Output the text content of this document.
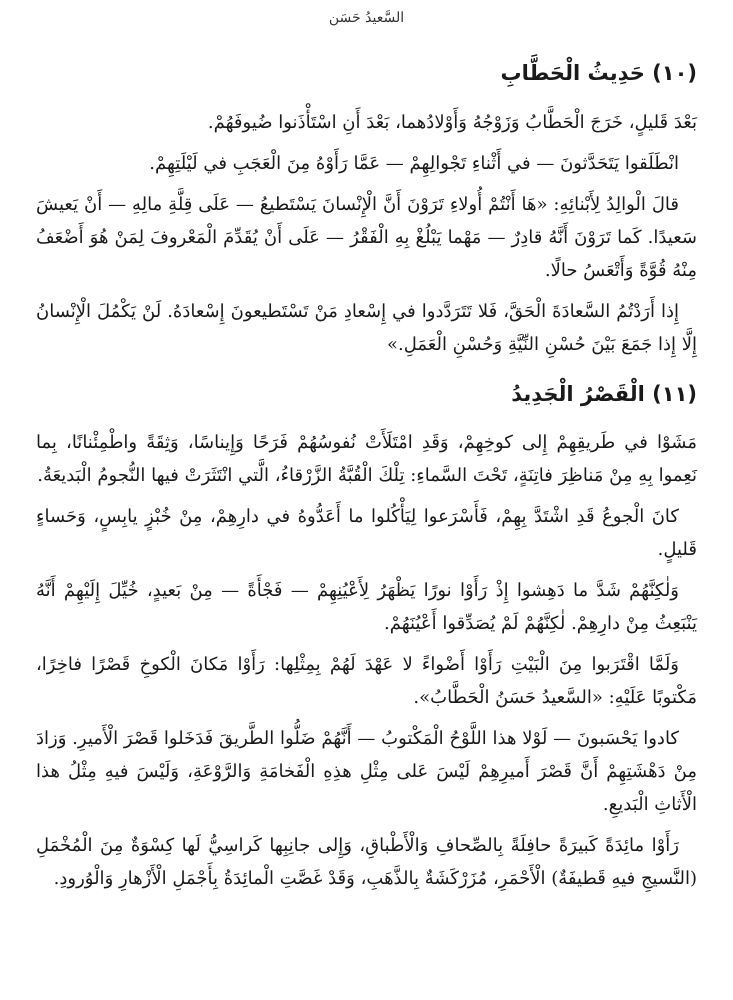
السَّعيدُ حَسَن
(١٠) حَدِيثُ الْحَطَّابِ

بَعْدَ قَليلٍ، خَرَجَ الْحَطَّابُ وَزَوْجُهُ وَأَوْلادُهما، بَعْدَ أَنِ اسْتَأْذَنوا ضُيوفَهُمْ.

انْطَلَقوا يَتَحَدَّثونَ — في أَثْناءِ تَجْوالِهِمْ — عَمَّا رَأَوْهُ مِنَ الْعَجَبِ في لَيْلَتِهِمْ.

قالَ الْوالِدُ لِأَبْنائِهِ: «هَا أَنْتُمْ أُولاءِ تَرَوْنَ أَنَّ الْإِنْسانَ يَسْتَطيعُ — عَلَى قِلَّةِ مالِهِ — أَنْ يَعيشَ سَعيدًا. كَما تَرَوْنَ أَنَّهُ قادِرٌ — مَهْما يَبْلُغْ بِهِ الْفَقْرُ — عَلَى أَنْ يُقَدِّمَ الْمَعْروفَ لِمَنْ هُوَ أَضْعَفُ مِنْهُ قُوَّةً وَأَتْعَسُ حالًا.

إِذا أَرَدْتُمُ السَّعادَةَ الْحَقَّ، فَلا تَتَرَدَّدوا في إِسْعادِ مَنْ تَسْتَطيعونَ إِسْعادَهُ. لَنْ يَكْمُلَ الْإِنْسانُ إِلَّا إِذا جَمَعَ بَيْنَ حُسْنِ النِّيَّةِ وَحُسْنِ الْعَمَلِ.»

(١١) الْقَصْرُ الْجَدِيدُ

مَشَوْا في طَريقِهِمْ إِلى كوخِهِمْ، وَقَدِ امْتَلَأَتْ نُفوسُهُمْ فَرَحًا وَإِيناسًا، وَثِقَةً واطْمِئْنانًا، بِما نَعِموا بِهِ مِنْ مَناظِرَ فاتِنَةٍ، تَحْتَ السَّماءِ: تِلْكَ الْقُبَّةُ الزَّرْقاءُ، الَّتي انْتَثَرَتْ فيها النُّجومُ الْبَديعَةُ.

كانَ الْجوعُ قَدِ اشْتَدَّ بِهِمْ، فَأَسْرَعوا لِيَأْكُلوا ما أَعَدُّوهُ في دارِهِمْ، مِنْ خُبْزٍ يابِسٍ، وَحَساءٍ قَليلٍ.

وَلٰكِنَّهُمْ شَدَّ ما دَهِشوا إِذْ رَأَوْا نورًا يَظْهَرُ لِأَعْيُنِهِمْ — فَجْأَةً — مِنْ بَعيدٍ، خُيِّلَ إِلَيْهِمْ أَنَّهُ يَنْبَعِثُ مِنْ دارِهِمْ. لٰكِنَّهُمْ لَمْ يُصَدِّقوا أَعْيُنَهُمْ.

وَلَمَّا اقْتَرَبوا مِنَ الْبَيْتِ رَأَوْا أَضْواءً لا عَهْدَ لَهُمْ بِمِثْلِها: رَأَوْا مَكانَ الْكوخِ قَصْرًا فاخِرًا، مَكْتوبًا عَلَيْهِ: «السَّعيدُ حَسَنُ الْحَطَّابُ».

كادوا يَحْسَبونَ — لَوْلا هذا اللَّوْحُ الْمَكْتوبُ — أَنَّهُمْ ضَلُّوا الطَّريقَ فَدَخَلوا قَصْرَ الْأَميرِ. وَزادَ مِنْ دَهْشَتِهِمْ أَنَّ قَصْرَ أَميرِهِمْ لَيْسَ عَلى مِثْلِ هذِهِ الْفَخامَةِ وَالرَّوْعَةِ، وَلَيْسَ فيهِ مِثْلُ هذا الْأَثاثِ الْبَديعِ.

رَأَوْا مائِدَةً كَبيرَةً حافِلَةً بِالصِّحافِ وَالْأَطْباقِ، وَإِلى جانِبِها كَراسِيُّ لَها كِسْوَةٌ مِنَ الْمُخْمَلِ (النَّسيجِ فيهِ قَطيفَةٌ) الْأَحْمَرِ، مُزَرْكَشَةٌ بِالذَّهَبِ، وَقَدْ غَصَّتِ الْمائِدَةُ بِأَجْمَلِ الْأَزْهارِ وَالْوُرودِ.
